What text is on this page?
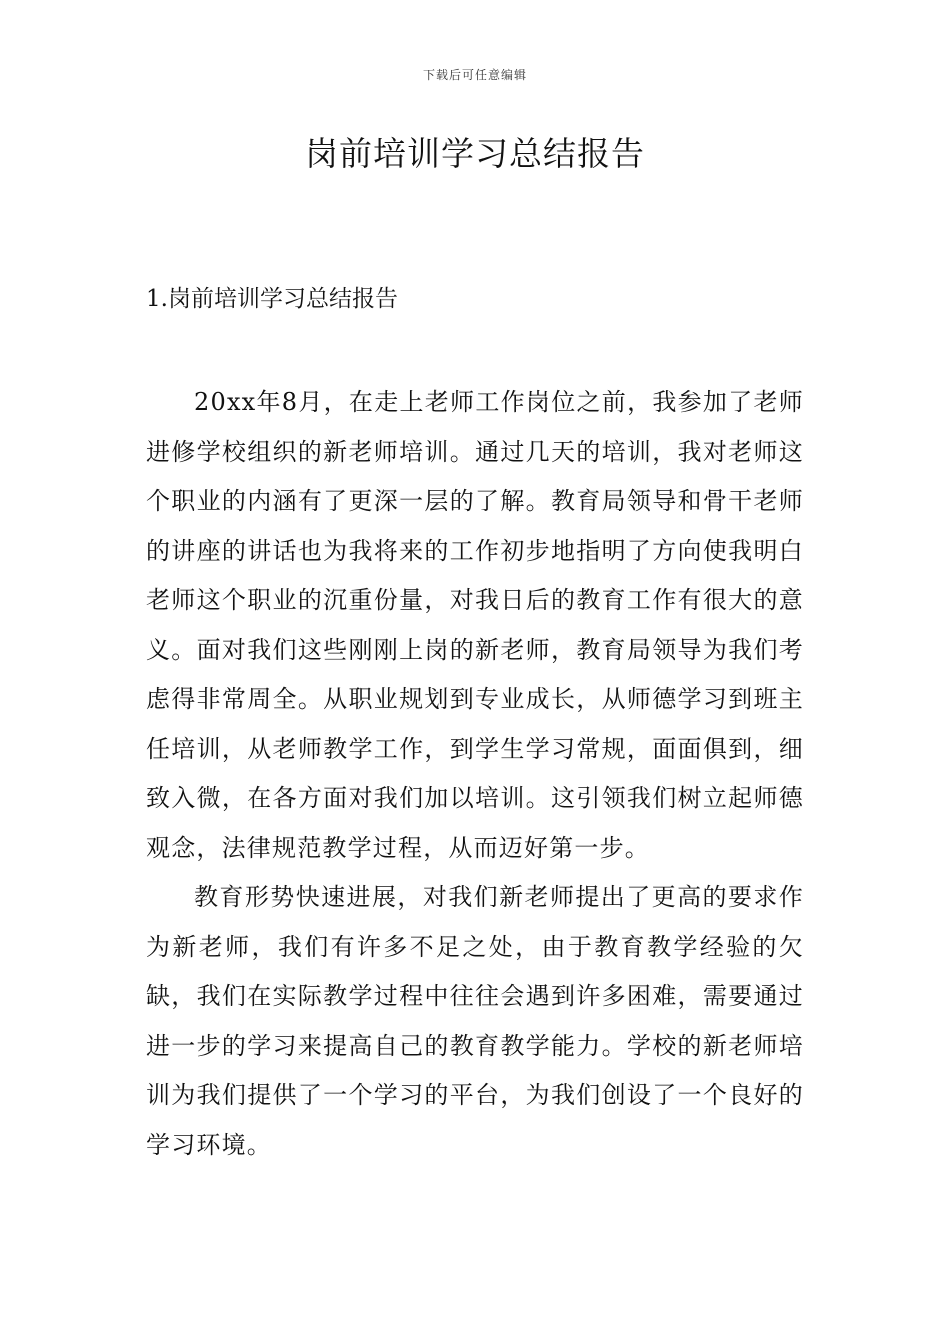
下载后可任意编辑
岗前培训学习总结报告
1.岗前培训学习总结报告

20xx年8月，在走上老师工作岗位之前，我参加了老师进修学校组织的新老师培训。通过几天的培训，我对老师这个职业的内涵有了更深一层的了解。教育局领导和骨干老师的讲座的讲话也为我将来的工作初步地指明了方向使我明白老师这个职业的沉重份量，对我日后的教育工作有很大的意义。面对我们这些刚刚上岗的新老师，教育局领导为我们考虑得非常周全。从职业规划到专业成长，从师德学习到班主任培训，从老师教学工作，到学生学习常规，面面俱到，细致入微，在各方面对我们加以培训。这引领我们树立起师德观念，法律规范教学过程，从而迈好第一步。

教育形势快速进展，对我们新老师提出了更高的要求作为新老师，我们有许多不足之处，由于教育教学经验的欠缺，我们在实际教学过程中往往会遇到许多困难，需要通过进一步的学习来提高自己的教育教学能力。学校的新老师培训为我们提供了一个学习的平台，为我们创设了一个良好的学习环境。
